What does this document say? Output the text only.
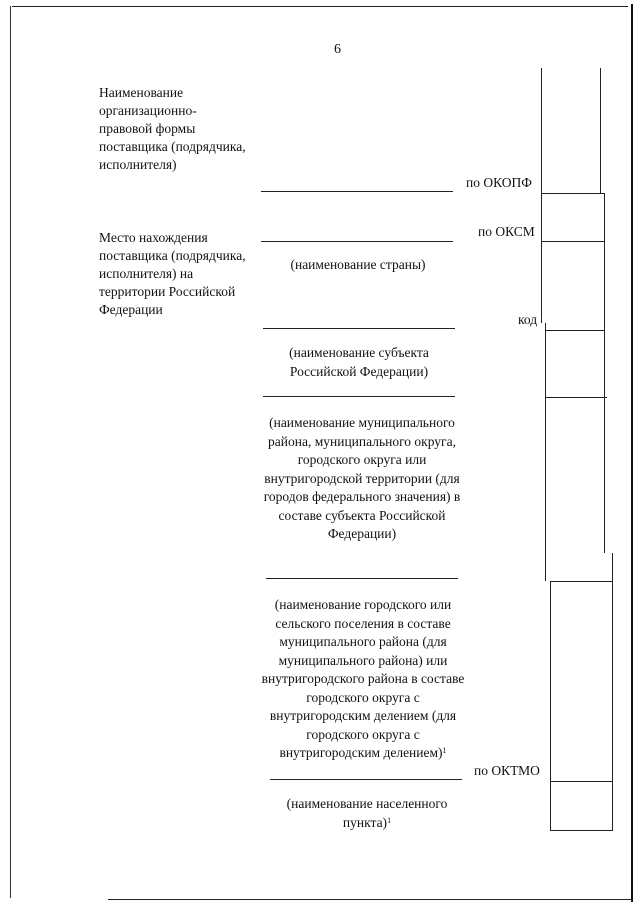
6
Наименование организационно-правовой формы поставщика (подрядчика, исполнителя)
по ОКОПФ
Место нахождения поставщика (подрядчика, исполнителя) на территории Российской Федерации
по ОКСМ
(наименование страны)
код
(наименование субъекта Российской Федерации)
(наименование муниципального района, муниципального округа, городского округа или внутригородской территории (для городов федерального значения) в составе субъекта Российской Федерации)
(наименование городского или сельского поселения в составе муниципального района (для муниципального района) или внутригородского района в составе городского округа с внутригородским делением (для городского округа с внутригородским делением)$^1$
по ОКТМО
(наименование населенного пункта)$^1$
